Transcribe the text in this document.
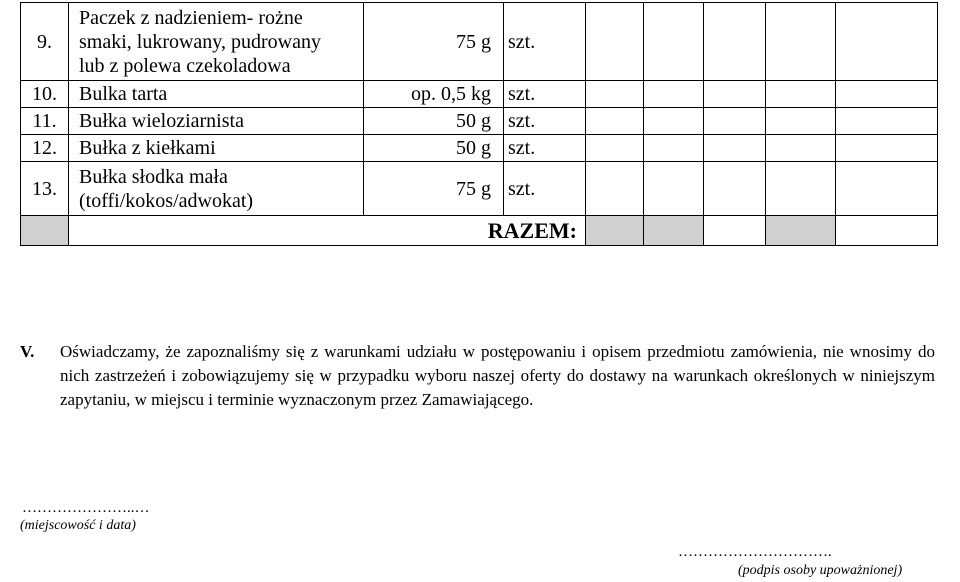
9.	Paczek z nadzieniem- rożne
smaki, lukrowany, pudrowany
lub z polewa czekoladowa	75 g	szt.					
10.	Bulka tarta	op. 0,5 kg	szt.					
11.	Bułka wieloziarnista	50 g	szt.					
12.	Bułka z kiełkami	50 g	szt.					
13.	Bułka słodka mała
(toffi/kokos/adwokat)	75 g	szt.					
	RAZEM:							
V. Oświadczamy, że zapoznaliśmy się z warunkami udziału w postępowaniu i opisem przedmiotu zamówienia, nie wnosimy do nich zastrzeżeń i zobowiązujemy się w przypadku wyboru naszej oferty do dostawy na warunkach określonych w niniejszym zapytaniu, w miejscu i terminie wyznaczonym przez Zamawiającego.
…………………..…
(miejscowość i data)
………………………….
(podpis osoby upoważnionej)
